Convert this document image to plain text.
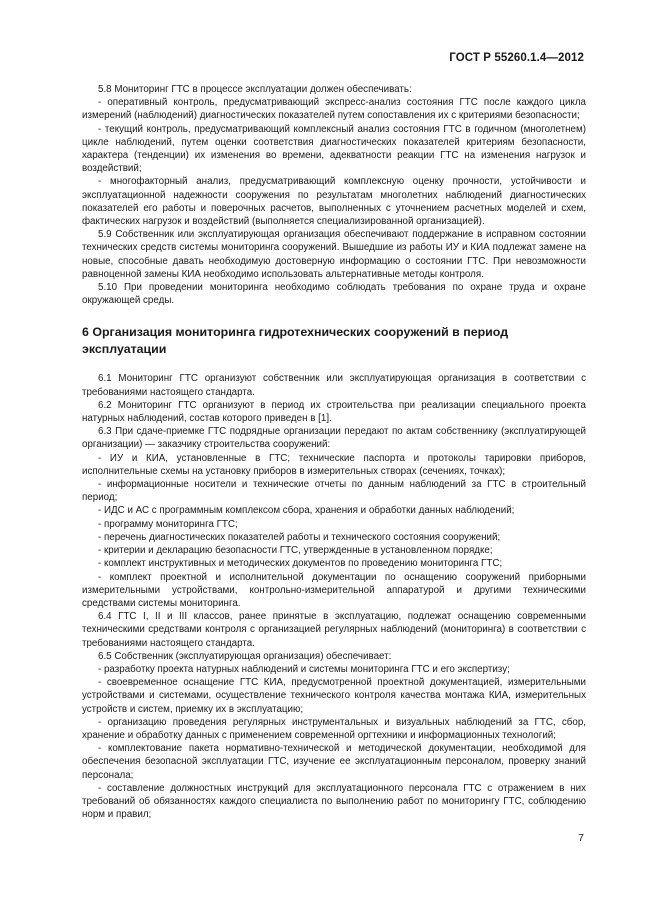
ГОСТ Р 55260.1.4—2012

5.8 Мониторинг ГТС в процессе эксплуатации должен обеспечивать:

- оперативный контроль, предусматривающий экспресс-анализ состояния ГТС после каждого цикла измерений (наблюдений) диагностических показателей путем сопоставления их с критериями безопасности;

- текущий контроль, предусматривающий комплексный анализ состояния ГТС в годичном (многолетнем) цикле наблюдений, путем оценки соответствия диагностических показателей критериям безопасности, характера (тенденции) их изменения во времени, адекватности реакции ГТС на изменения нагрузок и воздействий;

- многофакторный анализ, предусматривающий комплексную оценку прочности, устойчивости и эксплуатационной надежности сооружения по результатам многолетних наблюдений диагностических показателей его работы и поверочных расчетов, выполненных с уточнением расчетных моделей и схем, фактических нагрузок и воздействий (выполняется специализированной организацией).

5.9 Собственник или эксплуатирующая организация обеспечивают поддержание в исправном состоянии технических средств системы мониторинга сооружений. Вышедшие из работы ИУ и КИА подлежат замене на новые, способные давать необходимую достоверную информацию о состоянии ГТС. При невозможности равноценной замены КИА необходимо использовать альтернативные методы контроля.

5.10 При проведении мониторинга необходимо соблюдать требования по охране труда и охране окружающей среды.

6 Организация мониторинга гидротехнических сооружений в период эксплуатации

6.1 Мониторинг ГТС организуют собственник или эксплуатирующая организация в соответствии с требованиями настоящего стандарта.

6.2 Мониторинг ГТС организуют в период их строительства при реализации специального проекта натурных наблюдений, состав которого приведен в [1].

6.3 При сдаче-приемке ГТС подрядные организации передают по актам собственнику (эксплуатирующей организации) — заказчику строительства сооружений:

- ИУ и КИА, установленные в ГТС; технические паспорта и протоколы тарировки приборов, исполнительные схемы на установку приборов в измерительных створах (сечениях, точках);

- информационные носители и технические отчеты по данным наблюдений за ГТС в строительный период;

- ИДС и АС с программным комплексом сбора, хранения и обработки данных наблюдений;

- программу мониторинга ГТС;

- перечень диагностических показателей работы и технического состояния сооружений;

- критерии и декларацию безопасности ГТС, утвержденные в установленном порядке;

- комплект инструктивных и методических документов по проведению мониторинга ГТС;

- комплект проектной и исполнительной документации по оснащению сооружений приборными измерительными устройствами, контрольно-измерительной аппаратурой и другими техническими средствами системы мониторинга.

6.4 ГТС I, II и III классов, ранее принятые в эксплуатацию, подлежат оснащению современными техническими средствами контроля с организацией регулярных наблюдений (мониторинга) в соответствии с требованиями настоящего стандарта.

6.5 Собственник (эксплуатирующая организация) обеспечивает:

- разработку проекта натурных наблюдений и системы мониторинга ГТС и его экспертизу;

- своевременное оснащение ГТС КИА, предусмотренной проектной документацией, измерительными устройствами и системами, осуществление технического контроля качества монтажа КИА, измерительных устройств и систем, приемку их в эксплуатацию;

- организацию проведения регулярных инструментальных и визуальных наблюдений за ГТС, сбор, хранение и обработку данных с применением современной оргтехники и информационных технологий;

- комплектование пакета нормативно-технической и методической документации, необходимой для обеспечения безопасной эксплуатации ГТС, изучение ее эксплуатационным персоналом, проверку знаний персонала;

- составление должностных инструкций для эксплуатационного персонала ГТС с отражением в них требований об обязанностях каждого специалиста по выполнению работ по мониторингу ГТС, соблюдению норм и правил;

7
